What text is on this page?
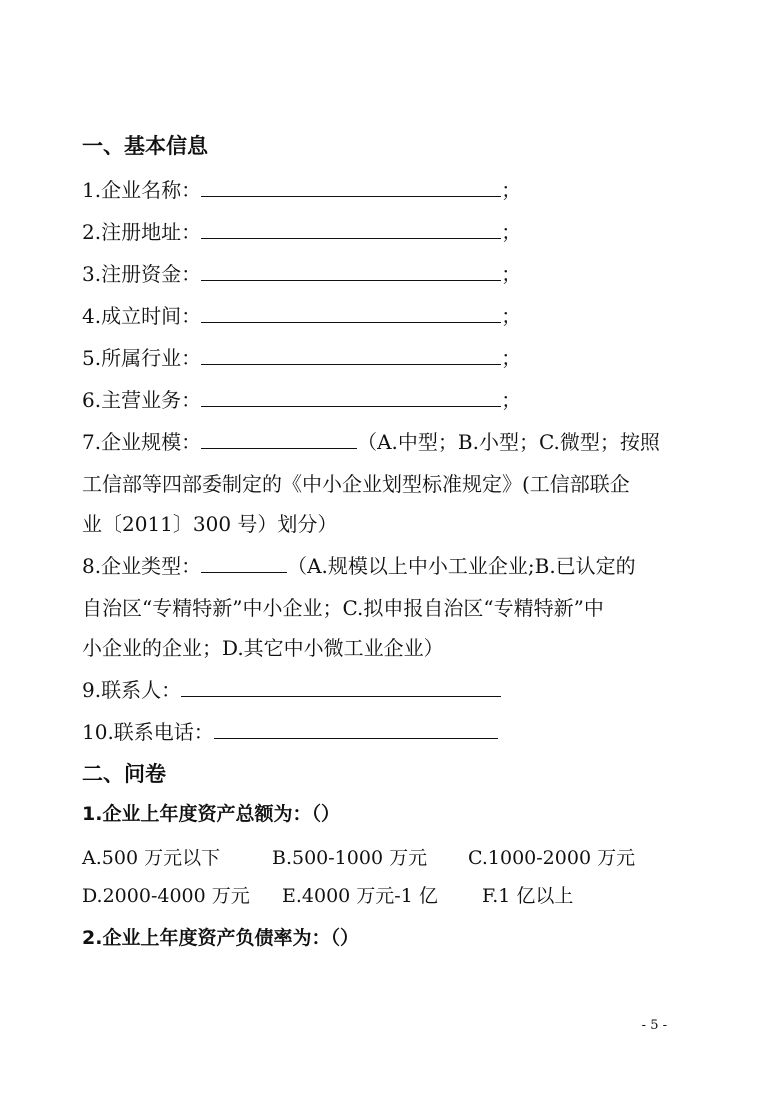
一、基本信息
1.企业名称：	；
2.注册地址：	；
3.注册资金：	；
4.成立时间：	；
5.所属行业：	；
6.主营业务：	；
7.企业规模：	（A.中型；B.小型；C.微型；按照
工信部等四部委制定的《中小企业划型标准规定》(工信部联企
业〔2011〕300 号）划分）
8.企业类型：	（A.规模以上中小工业企业;B.已认定的
自治区“专精特新”中小企业；C.拟申报自治区“专精特新”中
小企业的企业；D.其它中小微工业企业）
9.联系人：
10.联系电话：
二、问卷
1.企业上年度资产总额为：（）
A.500 万元以下	B.500-1000 万元 C.1000-2000 万元
D.2000-4000 万元 E.4000 万元-1 亿 F.1 亿以上
2.企业上年度资产负债率为：（）
- 5 -
